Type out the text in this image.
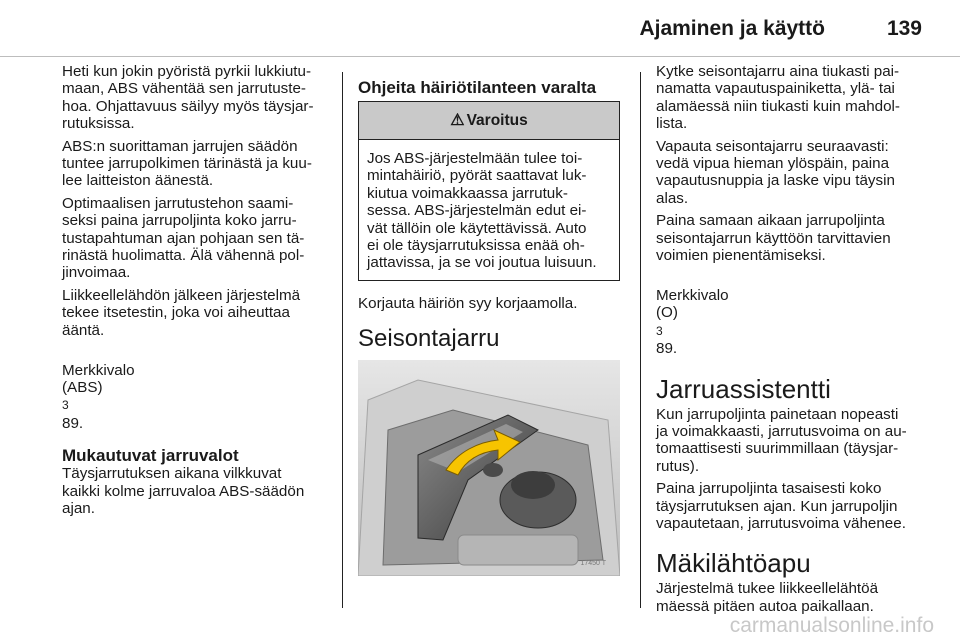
Ajaminen ja käyttö	139
Heti kun jokin pyöristä pyrkii lukkiutu-
maan, ABS vähentää sen jarrutuste-
hoa. Ohjattavuus säilyy myös täysjar-
rutuksissa.
ABS:n suorittaman jarrujen säädön
tuntee jarrupolkimen tärinästä ja kuu-
lee laitteiston äänestä.
Optimaalisen jarrutustehon saami-
seksi paina jarrupoljinta koko jarru-
tustapahtuman ajan pohjaan sen tä-
rinästä huolimatta. Älä vähennä pol-
jinvoimaa.
Liikkeellelähdön jälkeen järjestelmä
tekee itsetestin, joka voi aiheuttaa
ääntä.

Merkkivalo
(ABS)
3
89.

Mukautuvat jarruvalot
Täysjarrutuksen aikana vilkkuvat
kaikki kolme jarruvaloa ABS-säädön
ajan.
Ohjeita häiriötilanteen varalta
⚠ Varoitus
Jos ABS-järjestelmään tulee toi-
mintahäiriö, pyörät saattavat luk-
kiutua voimakkaassa jarrutuk-
sessa. ABS-järjestelmän edut ei-
vät tällöin ole käytettävissä. Auto
ei ole täysjarrutuksissa enää oh-
jattavissa, ja se voi joutua luisuun.
Korjauta häiriön syy korjaamolla.
Seisontajarru
17450 T
Kytke seisontajarru aina tiukasti pai-
namatta vapautuspainiketta, ylä- tai
alamäessä niin tiukasti kuin mahdol-
lista.
Vapauta seisontajarru seuraavasti:
vedä vipua hieman ylöspäin, paina
vapautusnuppia ja laske vipu täysin
alas.
Paina samaan aikaan jarrupoljinta
seisontajarrun käyttöön tarvittavien
voimien pienentämiseksi.

Merkkivalo
(O)
3
89.

Jarruassistentti
Kun jarrupoljinta painetaan nopeasti
ja voimakkaasti, jarrutusvoima on au-
tomaattisesti suurimmillaan (täysjar-
rutus).
Paina jarrupoljinta tasaisesti koko
täysjarrutuksen ajan. Kun jarrupoljin
vapautetaan, jarrutusvoima vähenee.
Mäkilähtöapu
Järjestelmä tukee liikkeellelähtöä
mäessä pitäen autoa paikallaan.
carmanualsonline.info
